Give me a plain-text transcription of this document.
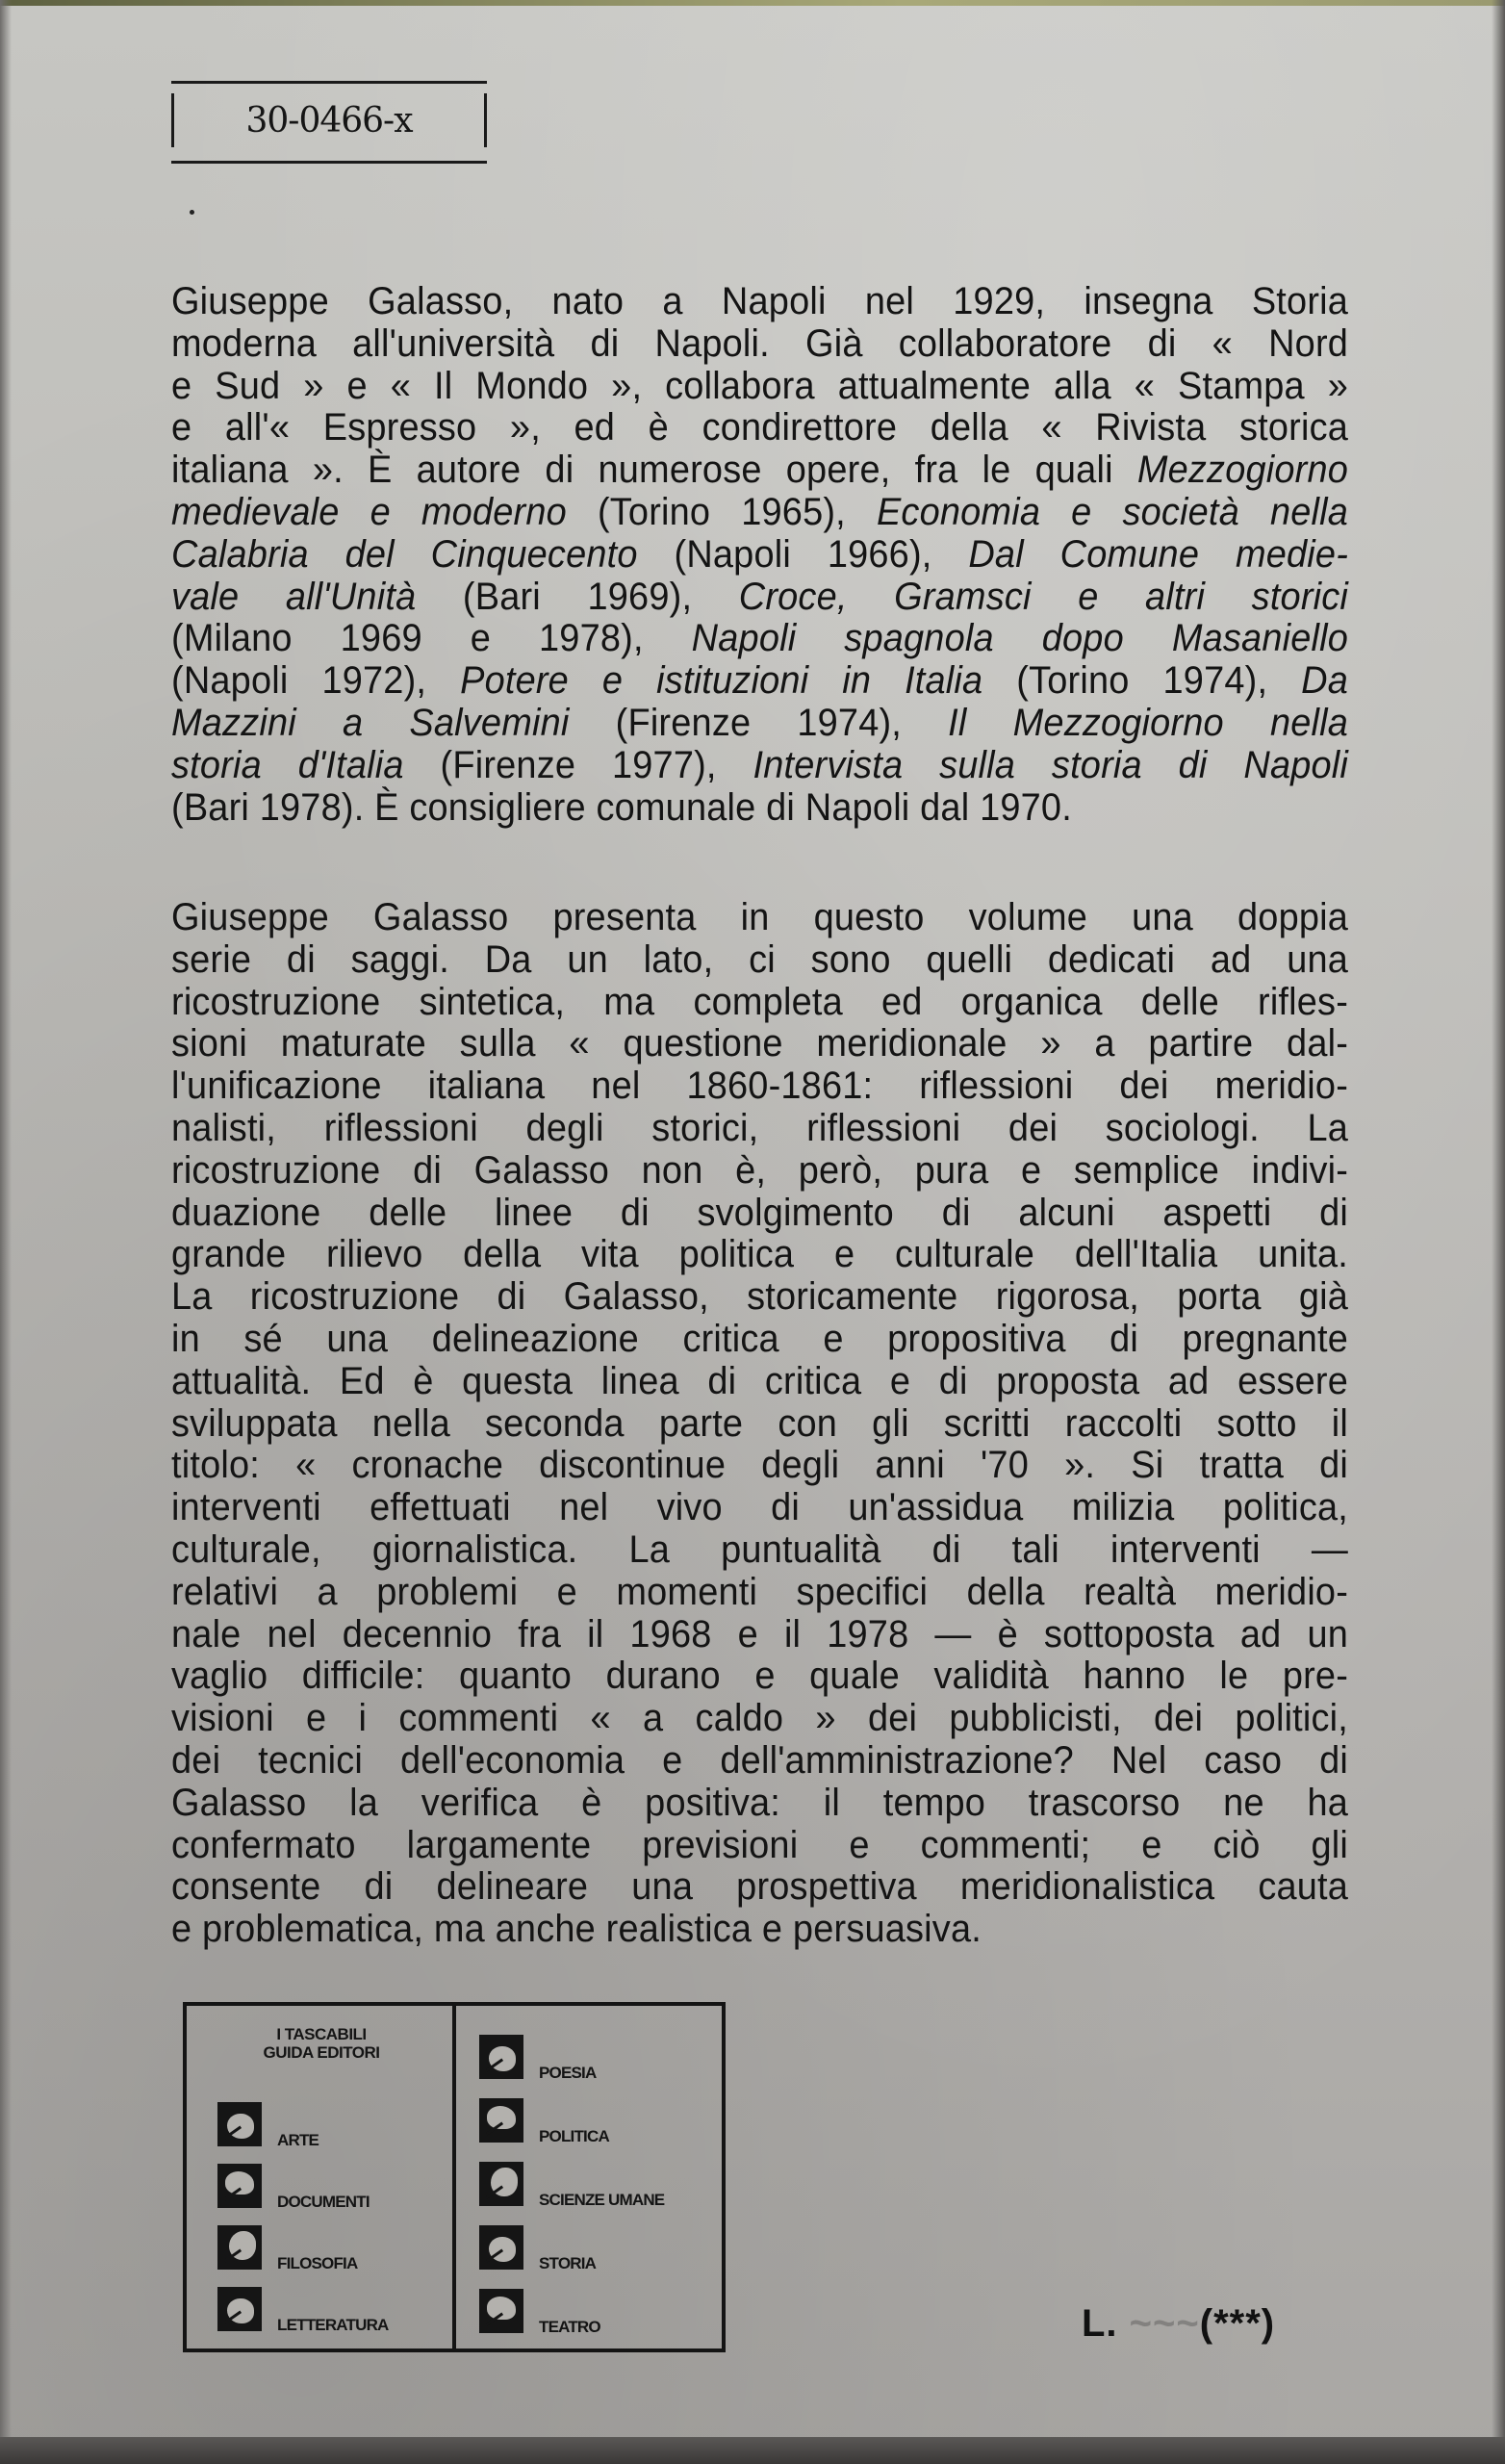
30-0466-x
Giuseppe Galasso, nato a Napoli nel 1929, insegna Storia
moderna all'università di Napoli. Già collaboratore di « Nord
e Sud » e « Il Mondo », collabora attualmente alla « Stampa »
e all'« Espresso », ed è condirettore della « Rivista storica
italiana ». È autore di numerose opere, fra le quali Mezzogiorno
medievale e moderno (Torino 1965), Economia e società nella
Calabria del Cinquecento (Napoli 1966), Dal Comune medie-
vale all'Unità (Bari 1969), Croce, Gramsci e altri storici
(Milano 1969 e 1978), Napoli spagnola dopo Masaniello
(Napoli 1972), Potere e istituzioni in Italia (Torino 1974), Da
Mazzini a Salvemini (Firenze 1974), Il Mezzogiorno nella
storia d'Italia (Firenze 1977), Intervista sulla storia di Napoli
(Bari 1978). È consigliere comunale di Napoli dal 1970.
Giuseppe Galasso presenta in questo volume una doppia
serie di saggi. Da un lato, ci sono quelli dedicati ad una
ricostruzione sintetica, ma completa ed organica delle rifles-
sioni maturate sulla « questione meridionale » a partire dal-
l'unificazione italiana nel 1860-1861: riflessioni dei meridio-
nalisti, riflessioni degli storici, riflessioni dei sociologi. La
ricostruzione di Galasso non è, però, pura e semplice indivi-
duazione delle linee di svolgimento di alcuni aspetti di
grande rilievo della vita politica e culturale dell'Italia unita.
La ricostruzione di Galasso, storicamente rigorosa, porta già
in sé una delineazione critica e propositiva di pregnante
attualità. Ed è questa linea di critica e di proposta ad essere
sviluppata nella seconda parte con gli scritti raccolti sotto il
titolo: « cronache discontinue degli anni '70 ». Si tratta di
interventi effettuati nel vivo di un'assidua milizia politica,
culturale, giornalistica. La puntualità di tali interventi —
relativi a problemi e momenti specifici della realtà meridio-
nale nel decennio fra il 1968 e il 1978 — è sottoposta ad un
vaglio difficile: quanto durano e quale validità hanno le pre-
visioni e i commenti « a caldo » dei pubblicisti, dei politici,
dei tecnici dell'economia e dell'amministrazione? Nel caso di
Galasso la verifica è positiva: il tempo trascorso ne ha
confermato largamente previsioni e commenti; e ciò gli
consente di delineare una prospettiva meridionalistica cauta
e problematica, ma anche realistica e persuasiva.
I TASCABILI
GUIDA EDITORI
ARTE
DOCUMENTI
FILOSOFIA
LETTERATURA
POESIA
POLITICA
SCIENZE UMANE
STORIA
TEATRO	L. ~~~(***)
